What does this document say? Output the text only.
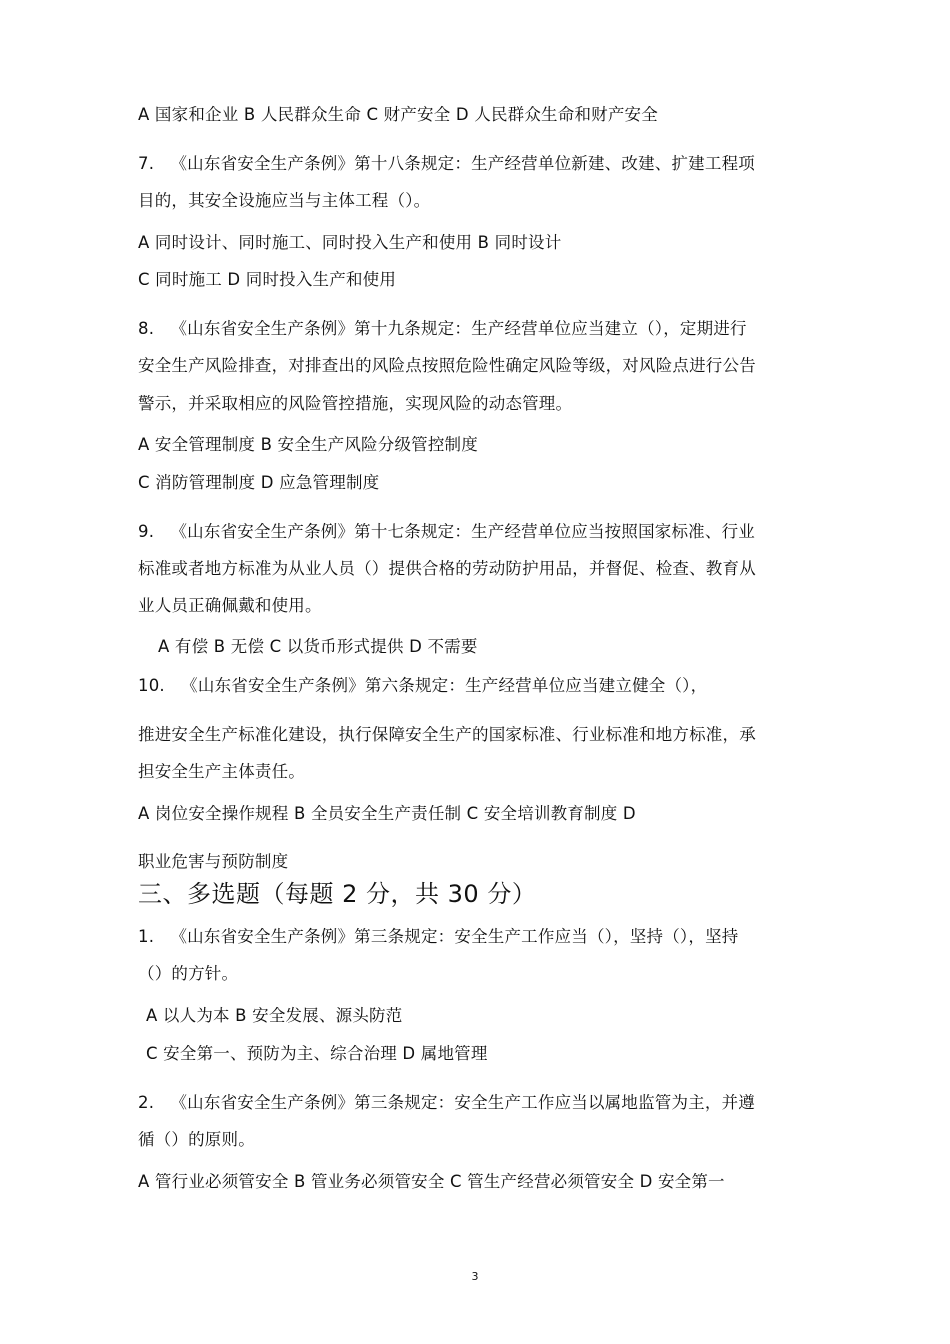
A 国家和企业 B 人民群众生命 C 财产安全 D 人民群众生命和财产安全
7.   《山东省安全生产条例》第十八条规定：生产经营单位新建、改建、扩建工程项
目的，其安全设施应当与主体工程（）。
A 同时设计、同时施工、同时投入生产和使用 B 同时设计
C 同时施工 D 同时投入生产和使用
8.   《山东省安全生产条例》第十九条规定：生产经营单位应当建立（），定期进行
安全生产风险排查，对排查出的风险点按照危险性确定风险等级，对风险点进行公告
警示，并采取相应的风险管控措施，实现风险的动态管理。
A 安全管理制度 B 安全生产风险分级管控制度
C 消防管理制度 D 应急管理制度
9.   《山东省安全生产条例》第十七条规定：生产经营单位应当按照国家标准、行业
标准或者地方标准为从业人员（）提供合格的劳动防护用品，并督促、检查、教育从
业人员正确佩戴和使用。
A 有偿 B 无偿 C 以货币形式提供 D 不需要
10.   《山东省安全生产条例》第六条规定：生产经营单位应当建立健全（），
推进安全生产标准化建设，执行保障安全生产的国家标准、行业标准和地方标准，承
担安全生产主体责任。
A 岗位安全操作规程 B 全员安全生产责任制 C 安全培训教育制度 D
职业危害与预防制度
三、多选题（每题 2 分，共 30 分）
1.   《山东省安全生产条例》第三条规定：安全生产工作应当（），坚持（），坚持
（）的方针。
A 以人为本 B 安全发展、源头防范
C 安全第一、预防为主、综合治理 D 属地管理
2.   《山东省安全生产条例》第三条规定：安全生产工作应当以属地监管为主，并遵
循（）的原则。
A 管行业必须管安全 B 管业务必须管安全 C 管生产经营必须管安全 D 安全第一
3
